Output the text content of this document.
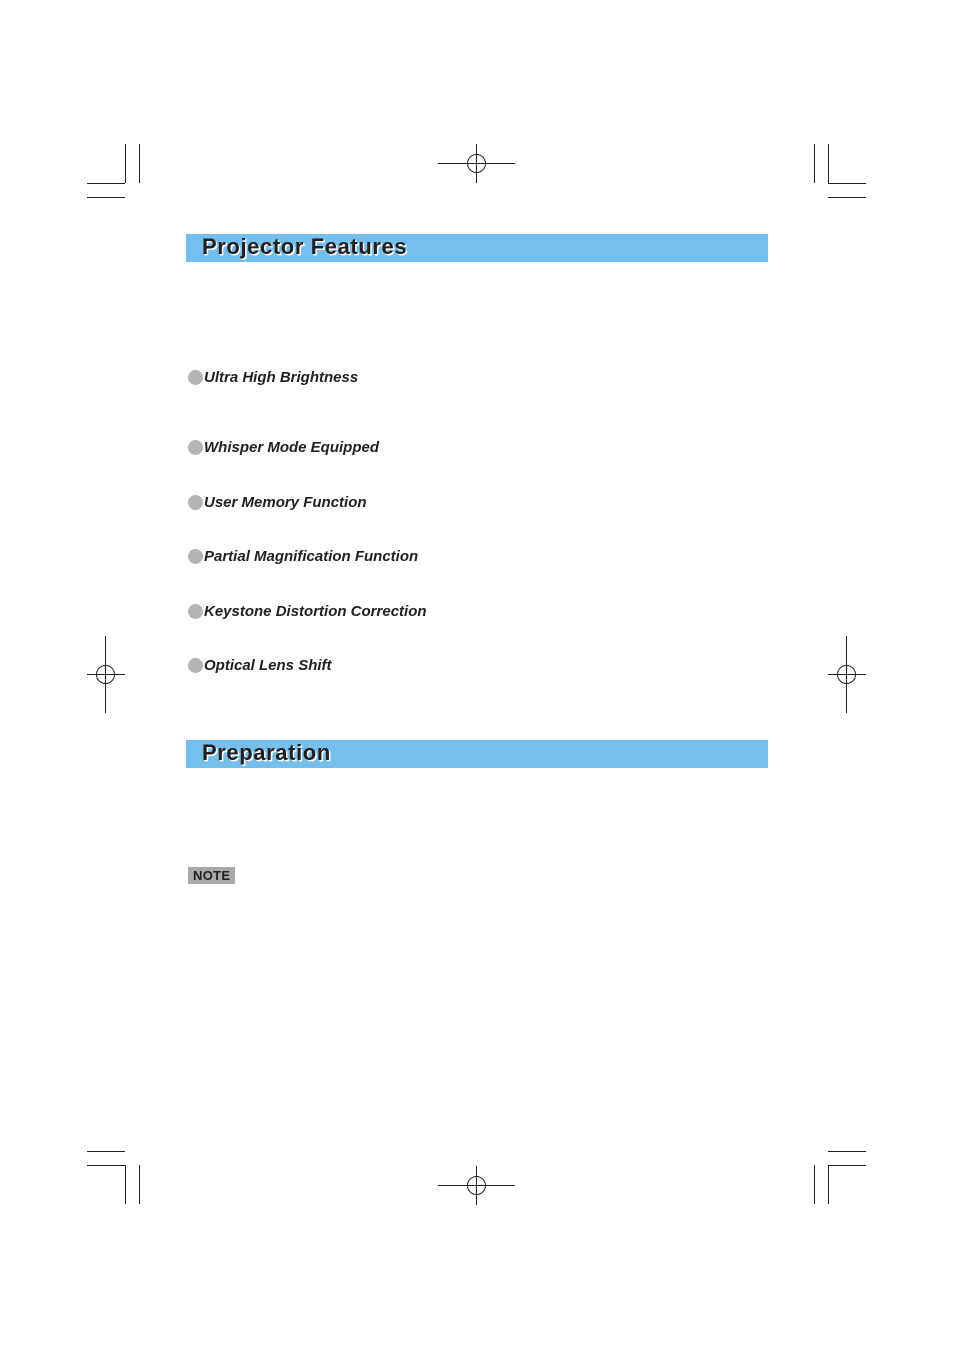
Projector Features
Ultra High Brightness
Whisper Mode Equipped
User Memory Function
Partial Magnification Function
Keystone Distortion Correction
Optical Lens Shift
Preparation
NOTE
